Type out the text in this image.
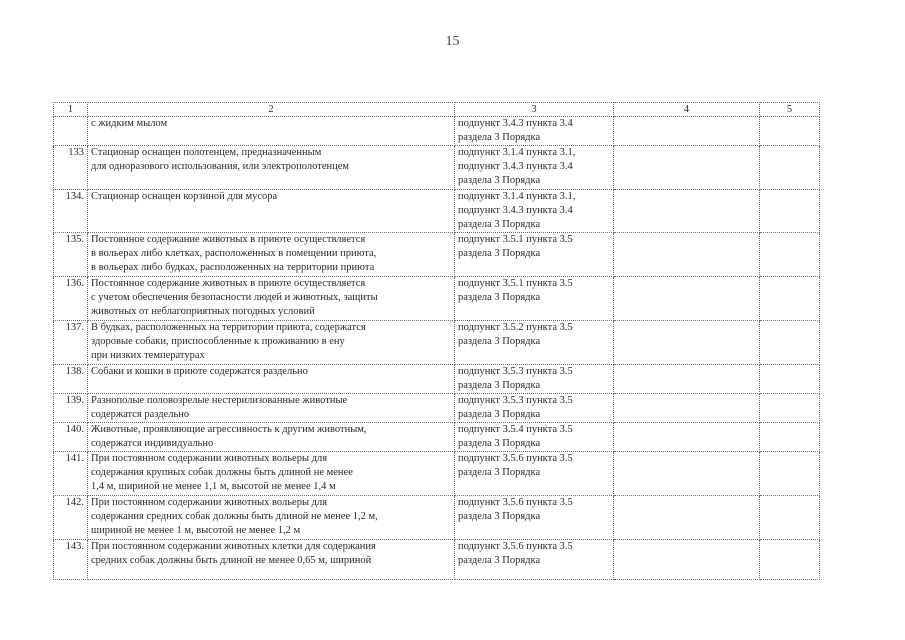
15
1	2	3	4	5

	с жидким мылом	подпункт 3.4.3 пункта 3.4
раздела 3 Порядка		

133	Стационар оснащен полотенцем, предназначенным
для одноразового использования, или электрополотенцем	подпункт 3.1.4 пункта 3.1,
подпункт 3.4.3 пункта 3.4
раздела 3 Порядка		

134.	Стационар оснащен корзиной для мусора	подпункт 3.1.4 пункта 3.1,
подпункт 3.4.3 пункта 3.4
раздела 3 Порядка		

135.	Постоянное содержание животных в приюте осуществляется
в вольерах либо клетках, расположенных в помещении приюта,
в вольерах либо будках, расположенных на территории приюта	подпункт 3.5.1 пункта 3.5
раздела 3 Порядка		

136.	Постоянное содержание животных в приюте осуществляется
с учетом обеспечения безопасности людей и животных, защиты
животных от неблагоприятных погодных условий	подпункт 3.5.1 пункта 3.5
раздела 3 Порядка		

137.	В будках, расположенных на территории приюта, содержатся
здоровые собаки, приспособленные к проживанию в ену
при низких температурах	подпункт 3.5.2 пункта 3.5
раздела 3 Порядка		

138.	Собаки и кошки в приюте содержатся раздельно	подпункт 3.5.3 пункта 3.5
раздела 3 Порядка		

139.	Разнополые половозрелые нестерилизованные животные
содержатся раздельно	подпункт 3.5.3 пункта 3.5
раздела 3 Порядка		

140.	Животные, проявляющие агрессивность к другим животным,
содержатся индивидуально	подпункт 3.5.4 пункта 3.5
раздела 3 Порядка		

141.	При постоянном содержании животных вольеры для
содержания крупных собак должны быть длиной не менее
1,4 м, шириной не менее 1,1 м, высотой не менее 1,4 м	подпункт 3.5.6 пункта 3.5
раздела 3 Порядка		

142.	При постоянном содержании животных вольеры для
содержания средних собак должны быть длиной не менее 1,2 м,
шириной не менее 1 м, высотой не менее 1,2 м	подпункт 3.5.6 пункта 3.5
раздела 3 Порядка		

143.	При постоянном содержании животных клетки для содержания
средних собак должны быть длиной не менее 0,65 м, шириной	подпункт 3.5.6 пункта 3.5
раздела 3 Порядка		
